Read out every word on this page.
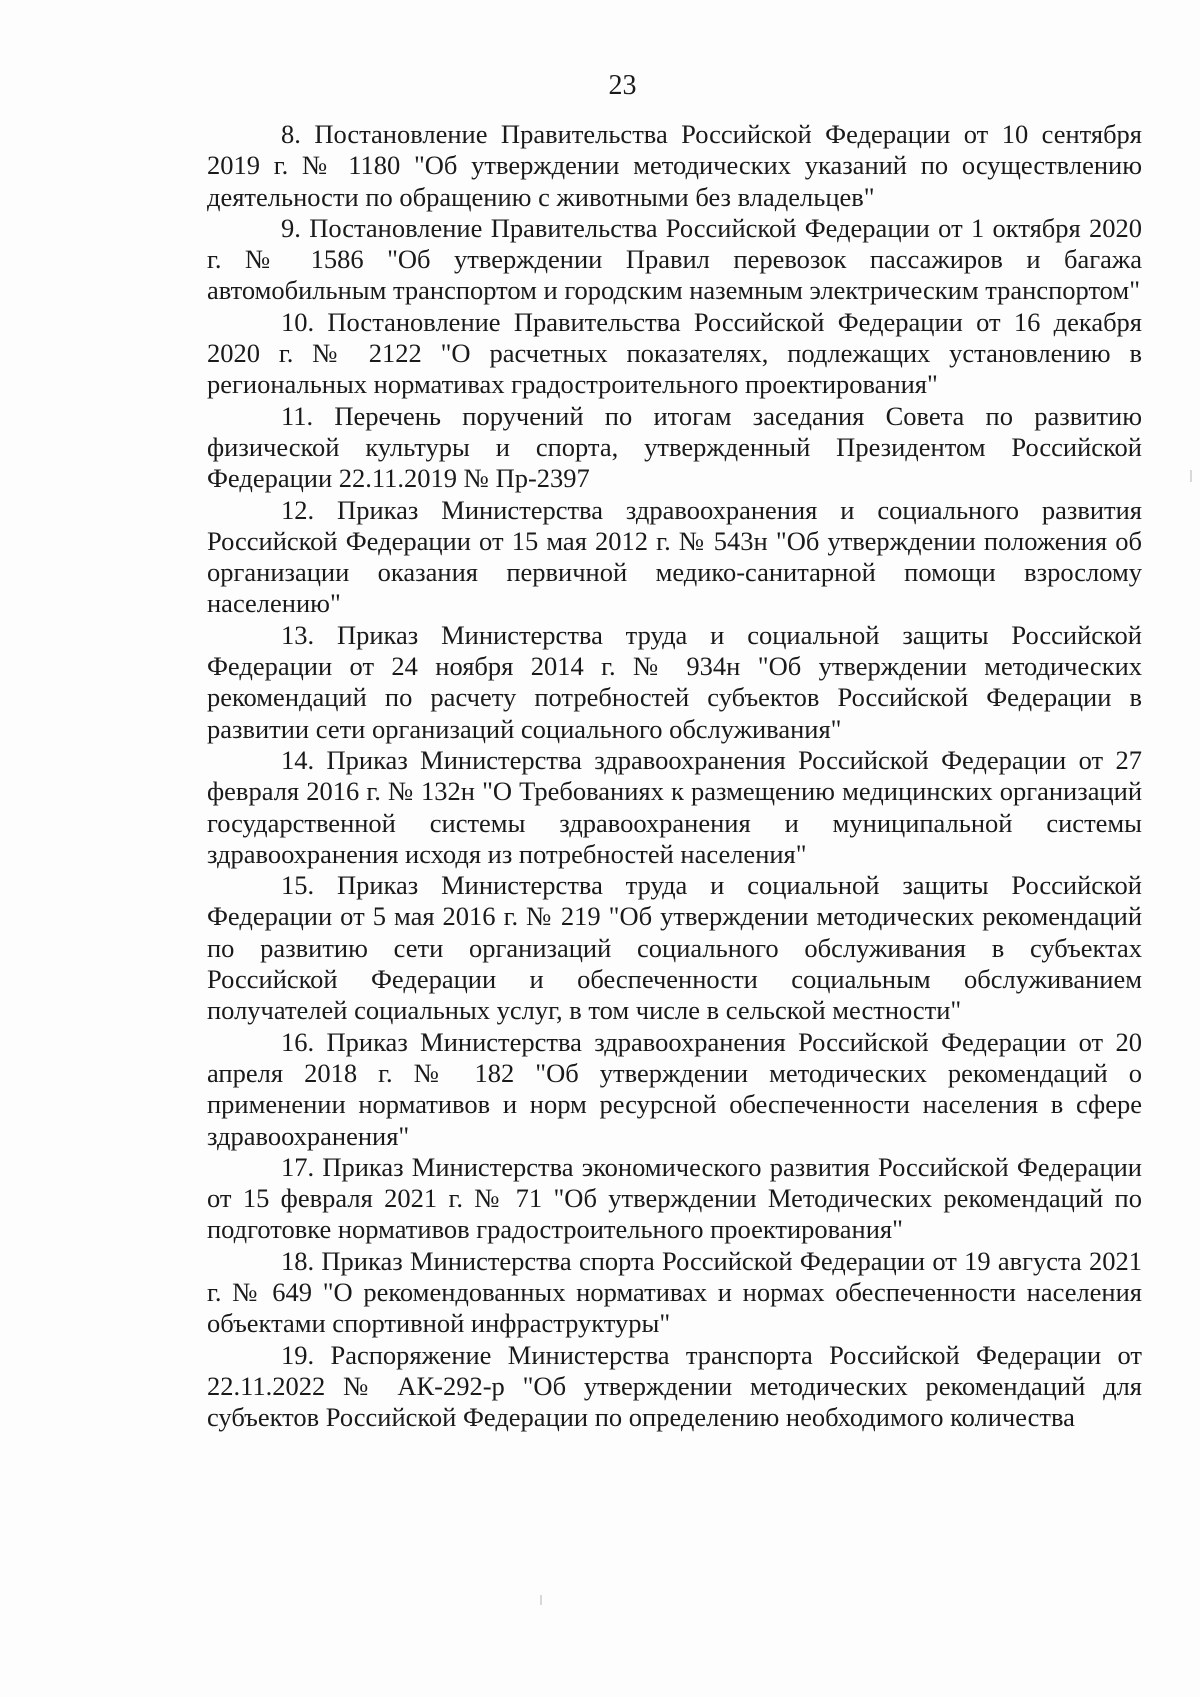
23

8. Постановление Правительства Российской Федерации от 10 сентября 2019 г. № 1180 "Об утверждении методических указаний по осуществлению деятельности по обращению с животными без владельцев"

9. Постановление Правительства Российской Федерации от 1 октября 2020 г. № 1586 "Об утверждении Правил перевозок пассажиров и багажа автомобильным транспортом и городским наземным электрическим транспортом"

10. Постановление Правительства Российской Федерации от 16 декабря 2020 г. № 2122 "О расчетных показателях, подлежащих установлению в региональных нормативах градостроительного проектирования"

11. Перечень поручений по итогам заседания Совета по развитию физической культуры и спорта, утвержденный Президентом Российской Федерации 22.11.2019 № Пр-2397

12. Приказ Министерства здравоохранения и социального развития Российской Федерации от 15 мая 2012 г. № 543н "Об утверждении положения об организации оказания первичной медико-санитарной помощи взрослому населению"

13. Приказ Министерства труда и социальной защиты Российской Федерации от 24 ноября 2014 г. № 934н "Об утверждении методических рекомендаций по расчету потребностей субъектов Российской Федерации в развитии сети организаций социального обслуживания"

14. Приказ Министерства здравоохранения Российской Федерации от 27 февраля 2016 г. № 132н "О Требованиях к размещению медицинских организаций государственной системы здравоохранения и муниципальной системы здравоохранения исходя из потребностей населения"

15. Приказ Министерства труда и социальной защиты Российской Федерации от 5 мая 2016 г. № 219 "Об утверждении методических рекомендаций по развитию сети организаций социального обслуживания в субъектах Российской Федерации и обеспеченности социальным обслуживанием получателей социальных услуг, в том числе в сельской местности"

16. Приказ Министерства здравоохранения Российской Федерации от 20 апреля 2018 г. № 182 "Об утверждении методических рекомендаций о применении нормативов и норм ресурсной обеспеченности населения в сфере здравоохранения"

17. Приказ Министерства экономического развития Российской Федерации от 15 февраля 2021 г. № 71 "Об утверждении Методических рекомендаций по подготовке нормативов градостроительного проектирования"

18. Приказ Министерства спорта Российской Федерации от 19 августа 2021 г. № 649 "О рекомендованных нормативах и нормах обеспеченности населения объектами спортивной инфраструктуры"

19. Распоряжение Министерства транспорта Российской Федерации от 22.11.2022 № АК-292-р "Об утверждении методических рекомендаций для субъектов Российской Федерации по определению необходимого количества
